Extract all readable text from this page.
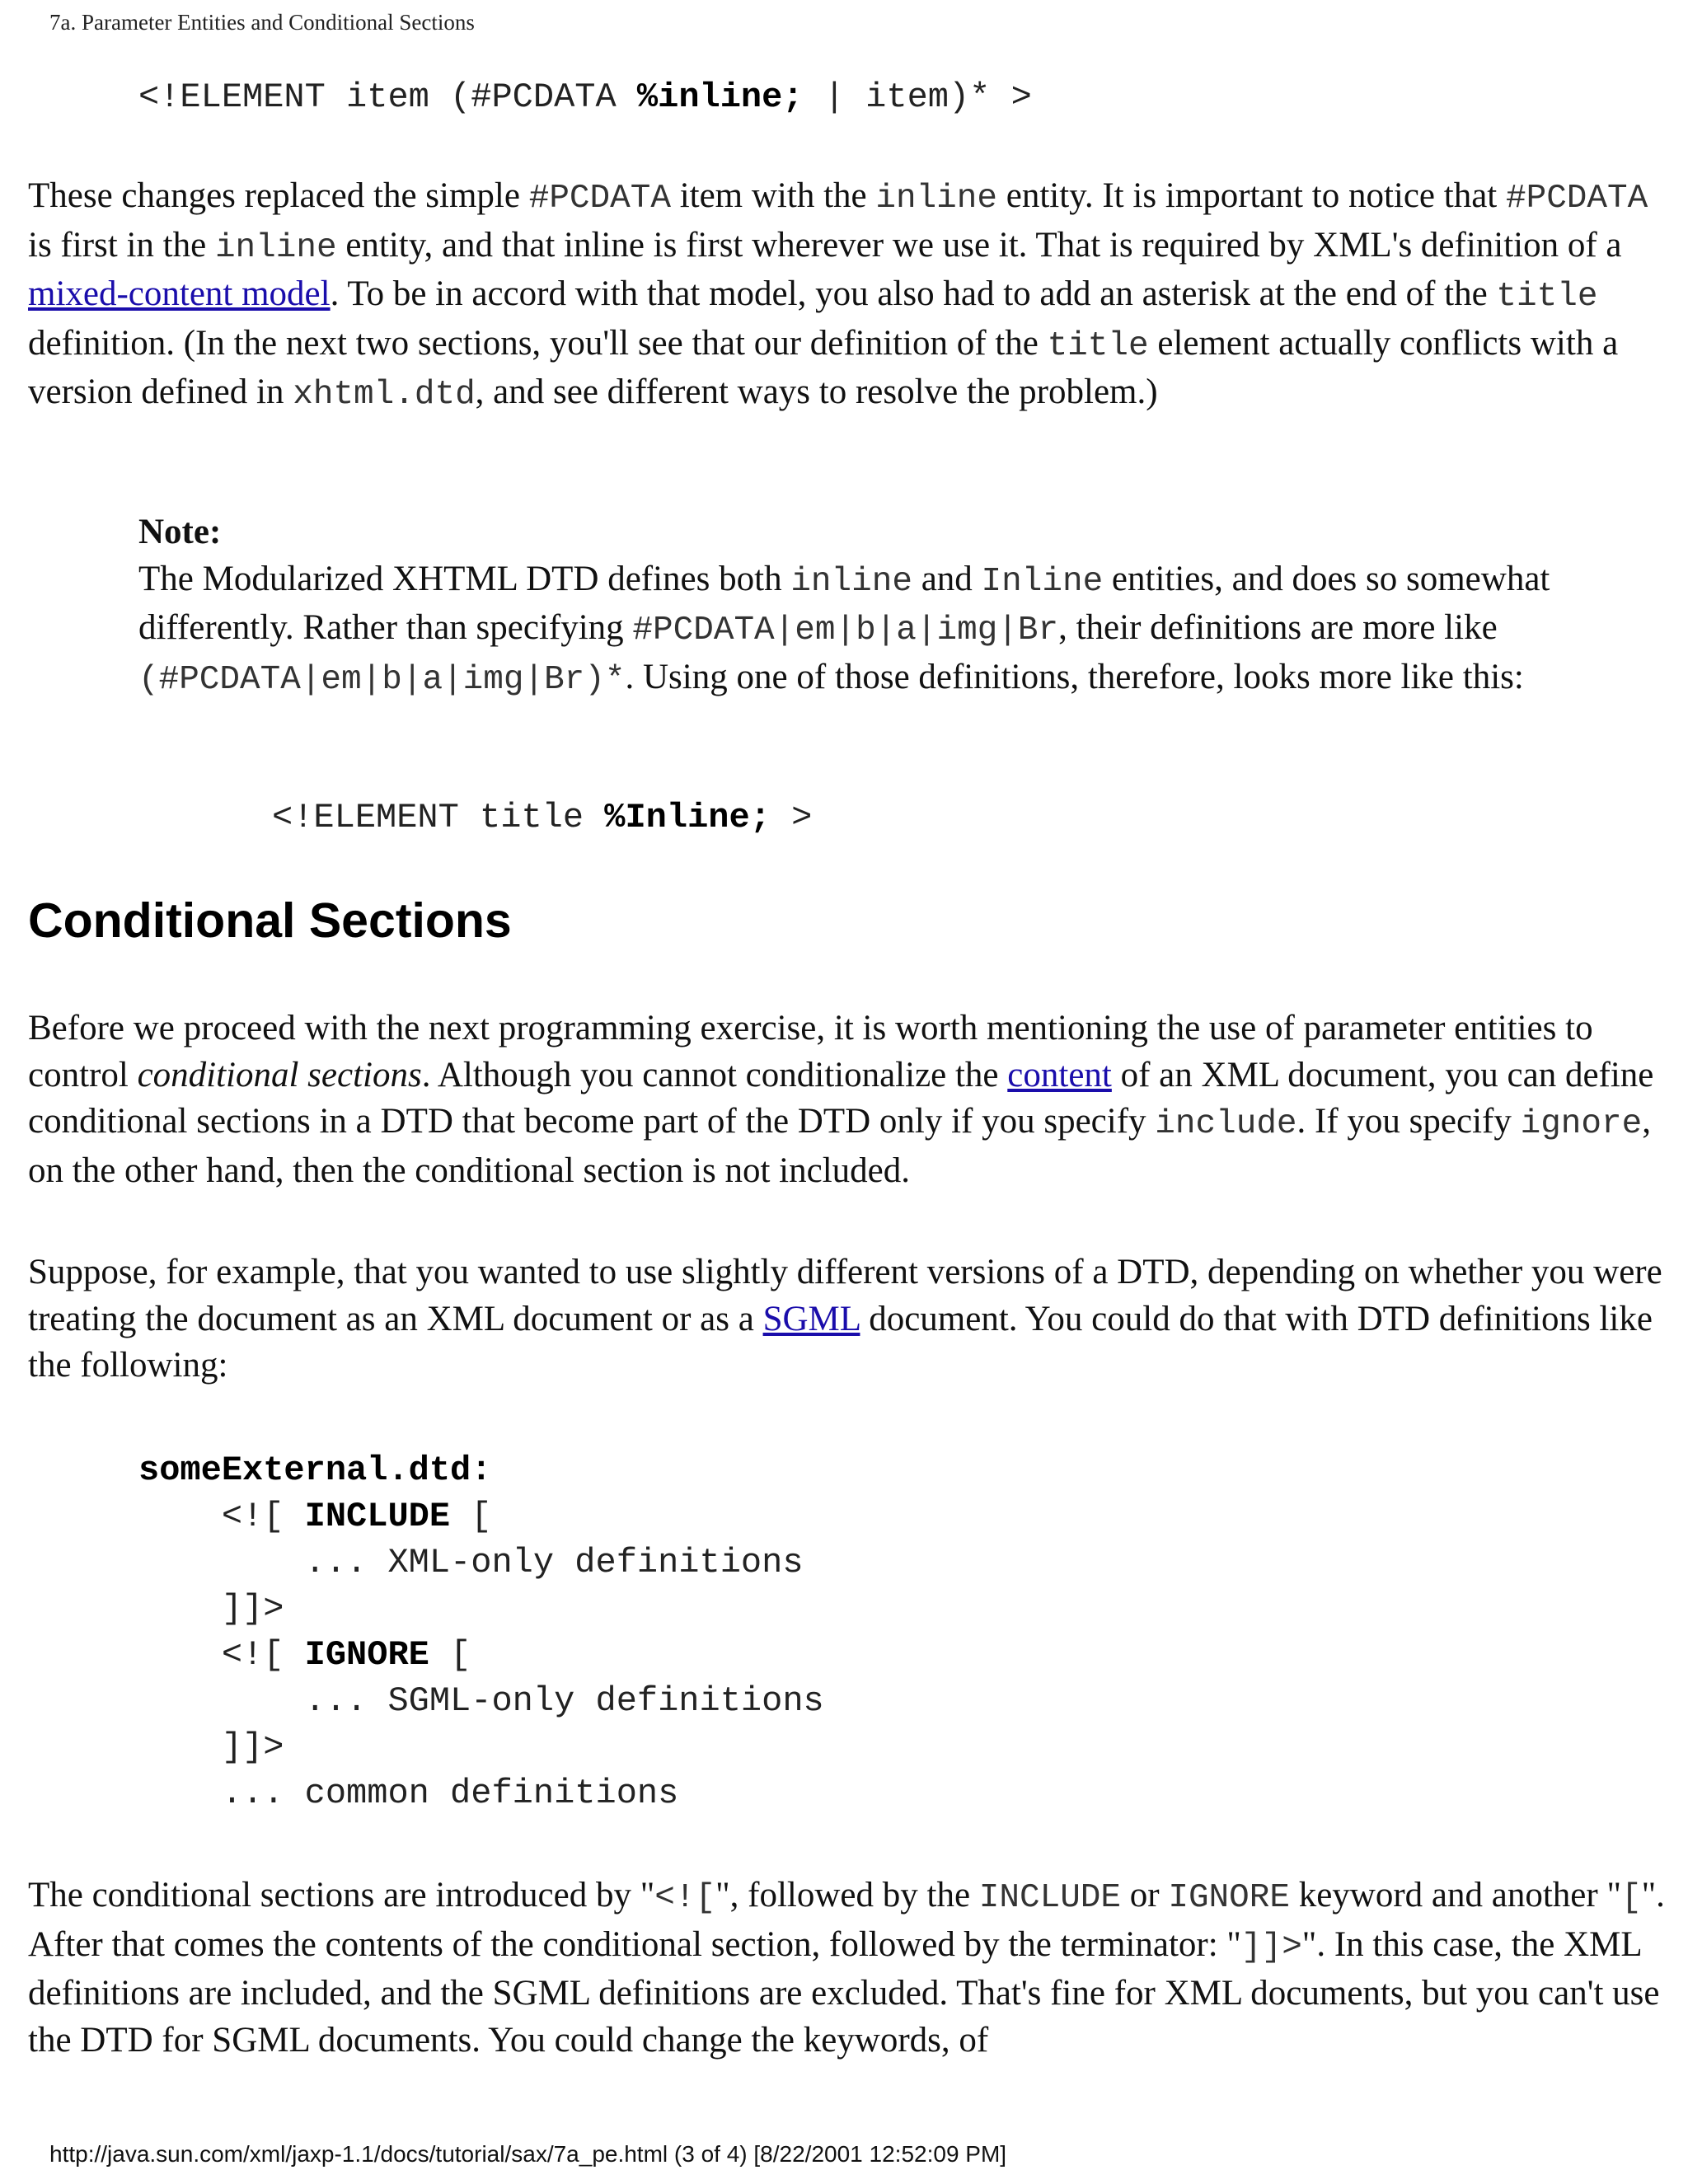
7a. Parameter Entities and Conditional Sections
<!ELEMENT item (#PCDATA %inline; | item)* >
These changes replaced the simple #PCDATA item with the inline entity. It is important to notice that #PCDATA is first in the inline entity, and that inline is first wherever we use it. That is required by XML's definition of a mixed-content model. To be in accord with that model, you also had to add an asterisk at the end of the title definition. (In the next two sections, you'll see that our definition of the title element actually conflicts with a version defined in xhtml.dtd, and see different ways to resolve the problem.)
Note:
The Modularized XHTML DTD defines both inline and Inline entities, and does so somewhat differently. Rather than specifying #PCDATA|em|b|a|img|Br, their definitions are more like (#PCDATA|em|b|a|img|Br)*. Using one of those definitions, therefore, looks more like this:
<!ELEMENT title %Inline; >
Conditional Sections
Before we proceed with the next programming exercise, it is worth mentioning the use of parameter entities to control conditional sections. Although you cannot conditionalize the content of an XML document, you can define conditional sections in a DTD that become part of the DTD only if you specify include. If you specify ignore, on the other hand, then the conditional section is not included.
Suppose, for example, that you wanted to use slightly different versions of a DTD, depending on whether you were treating the document as an XML document or as a SGML document. You could do that with DTD definitions like the following:
someExternal.dtd:
<![ INCLUDE [
... XML-only definitions
]]>
<![ IGNORE [
... SGML-only definitions
]]>
... common definitions
The conditional sections are introduced by "<![", followed by the INCLUDE or IGNORE keyword and another "[". After that comes the contents of the conditional section, followed by the terminator: "]]>". In this case, the XML definitions are included, and the SGML definitions are excluded. That's fine for XML documents, but you can't use the DTD for SGML documents. You could change the keywords, of
http://java.sun.com/xml/jaxp-1.1/docs/tutorial/sax/7a_pe.html (3 of 4) [8/22/2001 12:52:09 PM]
